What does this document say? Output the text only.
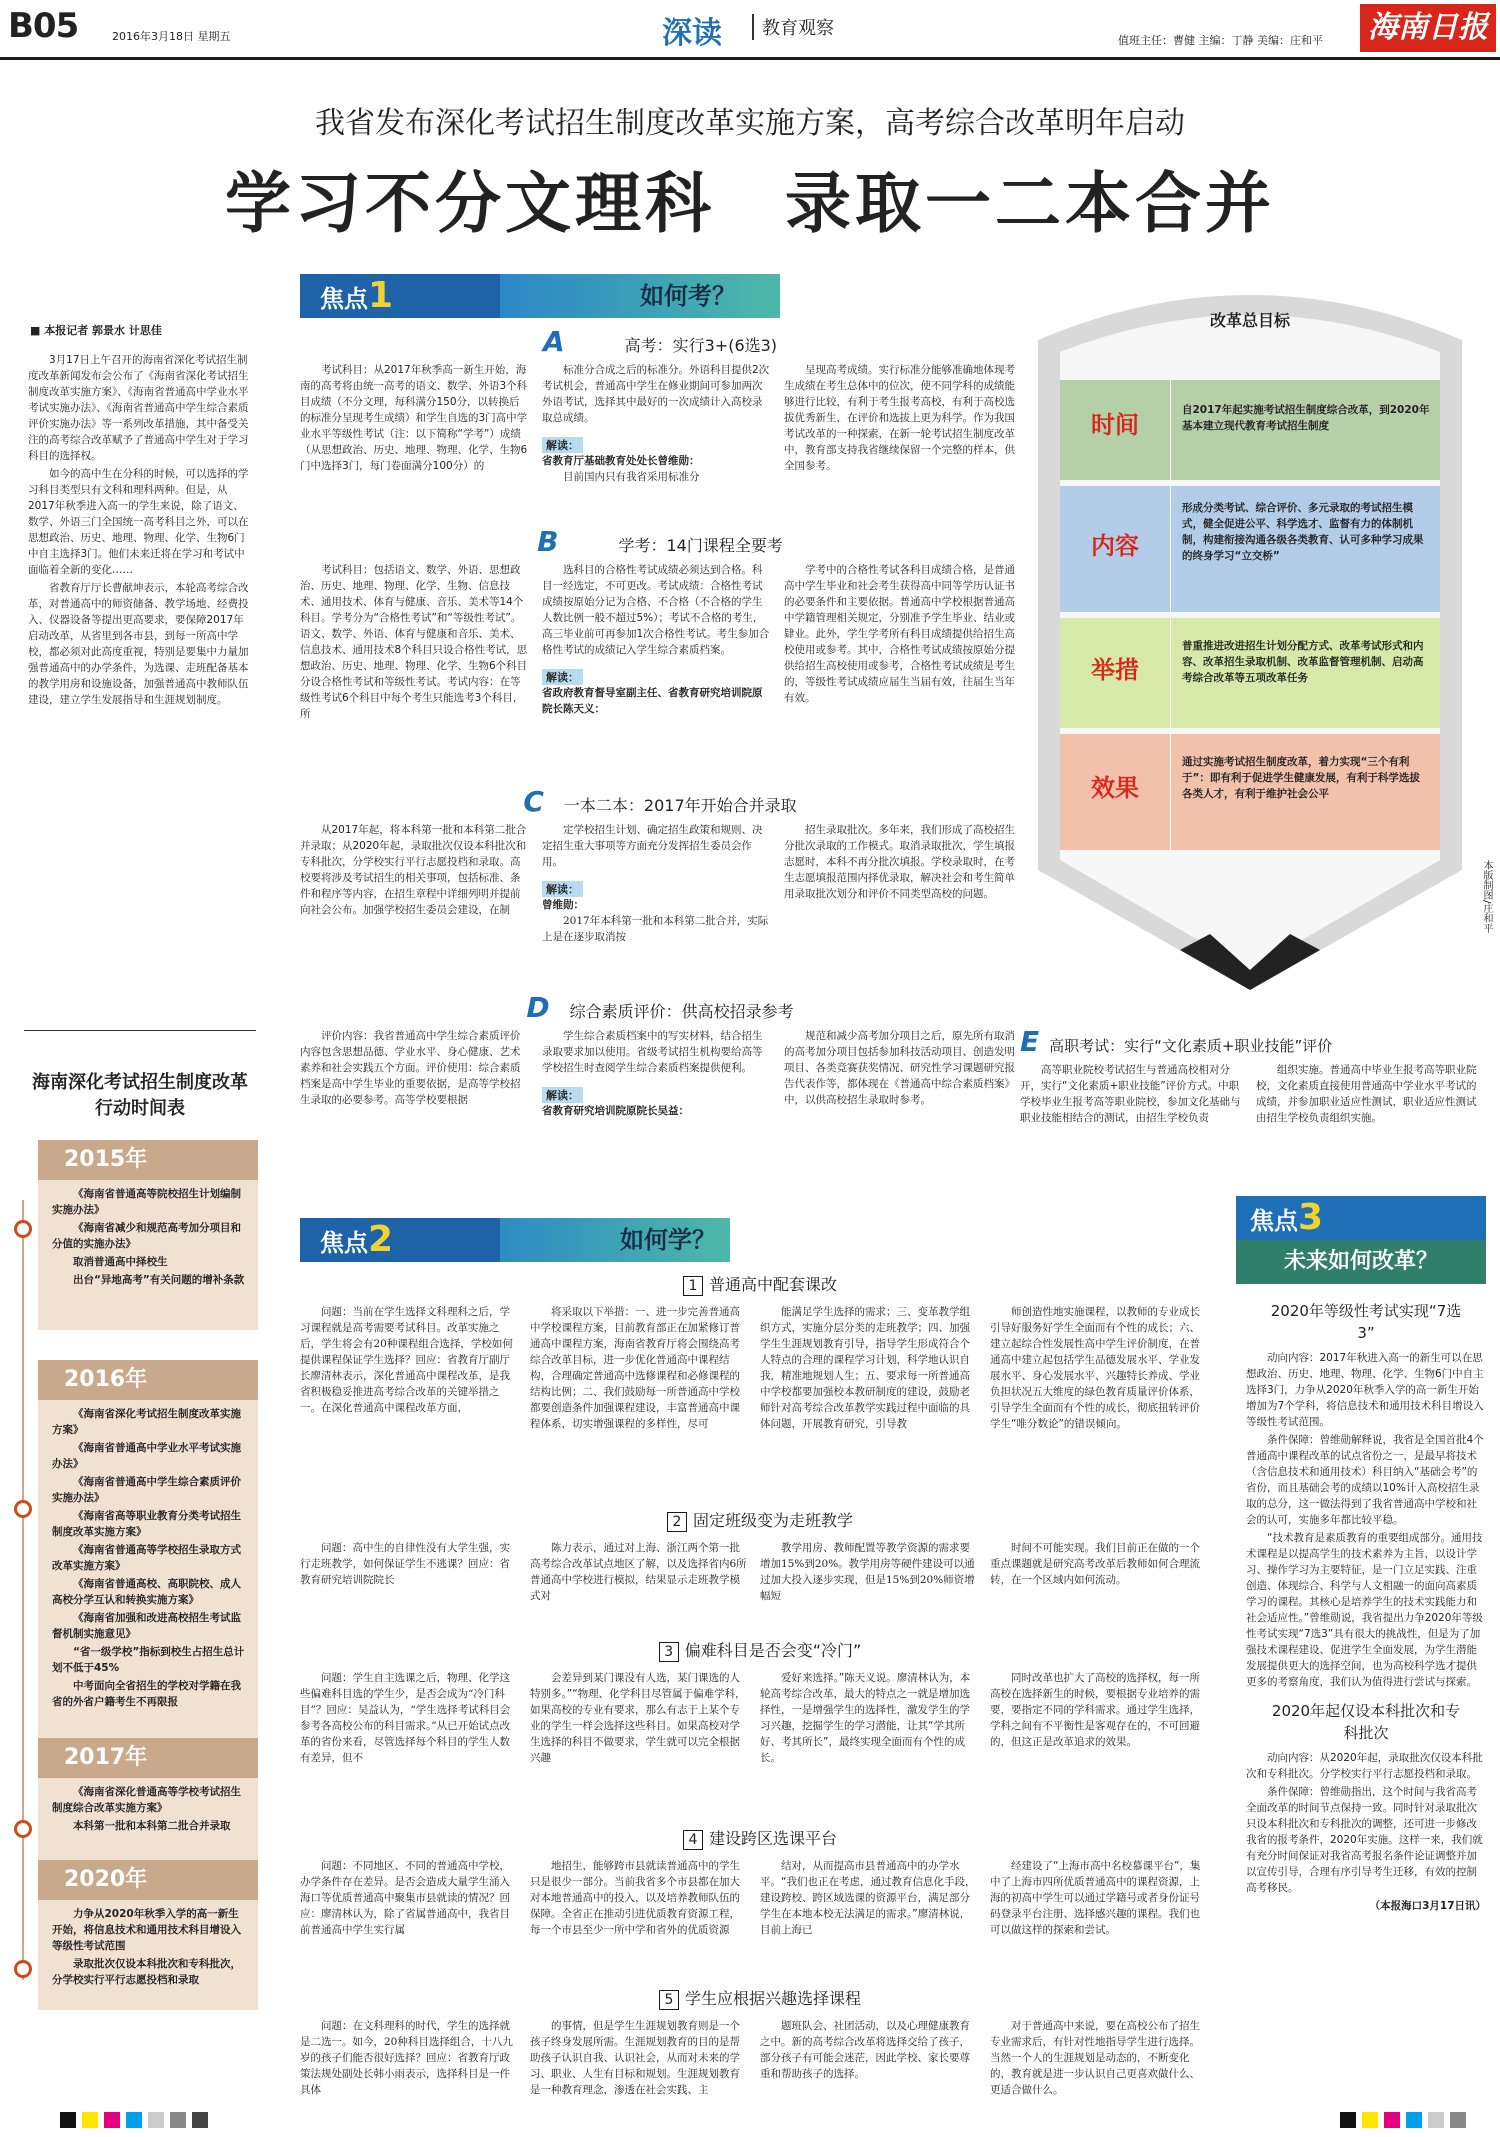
B05	2016年3月18日 星期五	深读	教育观察
值班主任：曹健 主编：丁静 美编：庄和平 海南日报
我省发布深化考试招生制度改革实施方案，高考综合改革明年启动
学习不分文理科　录取一二本合并
■ 本报记者 郭景水 计思佳

3月17日上午召开的海南省深化考试招生制度改革新闻发布会公布了《海南省深化考试招生制度改革实施方案》、《海南省普通高中学业水平考试实施办法》、《海南省普通高中学生综合素质评价实施办法》等一系列改革措施，其中备受关注的高考综合改革赋予了普通高中学生对于学习科目的选择权。

如今的高中生在分科的时候，可以选择的学习科目类型只有文科和理科两种。但是，从2017年秋季进入高一的学生来说，除了语文、数学、外语三门全国统一高考科目之外，可以在思想政治、历史、地理、物理、化学、生物6门中自主选择3门。他们未来迁将在学习和考试中面临着全新的变化……

省教育厅厅长曹献坤表示，本轮高考综合改革，对普通高中的师资储备、教学场地、经费投入、仪器设备等提出更高要求，要保障2017年启动改革，从省里到各市县，到每一所高中学校，都必须对此高度重视，特别是要集中力量加强普通高中的办学条件，为选课、走班配备基本的教学用房和设施设备，加强普通高中教师队伍建设，建立学生发展指导和生涯规划制度。

海南深化考试招生制度改革行动时间表
2015年

《海南省普通高等院校招生计划编制实施办法》

《海南省减少和规范高考加分项目和分值的实施办法》

取消普通高中择校生

出台“异地高考”有关问题的增补条款

2016年

《海南省深化考试招生制度改革实施方案》

《海南省普通高中学业水平考试实施办法》

《海南省普通高中学生综合素质评价实施办法》

《海南省高等职业教育分类考试招生制度改革实施方案》

《海南省普通高等学校招生录取方式改革实施方案》

《海南省普通高校、高职院校、成人高校分学互认和转换实施方案》

《海南省加强和改进高校招生考试监督机制实施意见》

“省一级学校”指标到校生占招生总计划不低于45%

中考面向全省招生的学校对学籍在我省的外省户籍考生不再限报

2017年

《海南省深化普通高等学校考试招生制度综合改革实施方案》

本科第一批和本科第二批合并录取

2020年

力争从2020年秋季入学的高一新生开始，将信息技术和通用技术科目增设入等级性考试范围

录取批次仅设本科批次和专科批次，分学校实行平行志愿投档和录取

焦点1	如何考？
A	高考：实行3+(6选3)

考试科目：从2017年秋季高一新生开始，海南的高考将由统一高考的语文、数学、外语3个科目成绩（不分文理，每科满分150分，以转换后的标准分呈现考生成绩）和学生自选的3门高中学业水平等级性考试（注：以下简称“学考”）成绩（从思想政治、历史、地理、物理、化学、生物6门中选择3门，每门卷面满分100分）的

标准分合成之后的标准分。外语科目提供2次考试机会，普通高中学生在修业期间可参加两次外语考试，选择其中最好的一次成绩计入高校录取总成绩。

解读：
省教育厅基础教育处处长曾维勋：

目前国内只有我省采用标准分

呈现高考成绩。实行标准分能够准确地体现考生成绩在考生总体中的位次，使不同学科的成绩能够进行比较，有利于考生报考高校，有利于高校选拔优秀新生，在评价和选拔上更为科学。作为我国考试改革的一种探索，在新一轮考试招生制度改革中，教育部支持我省继续保留一个完整的样本，供全国参考。

B	学考：14门课程全要考

考试科目：包括语文、数学、外语、思想政治、历史、地理、物理、化学、生物、信息技术、通用技术、体育与健康、音乐、美术等14个科目。学考分为“合格性考试”和“等级性考试”。语文、数学、外语、体育与健康和音乐、美术、信息技术、通用技术8个科目只设合格性考试，思想政治、历史、地理、物理、化学、生物6个科目分设合格性考试和等级性考试。考试内容：在等级性考试6个科目中每个考生只能选考3个科目，所

选科目的合格性考试成绩必须达到合格。科目一经选定，不可更改。考试成绩：合格性考试成绩按原始分记为合格、不合格（不合格的学生人数比例一般不超过5%）；考试不合格的考生，高三毕业前可再参加1次合格性考试。考生参加合格性考试的成绩记入学生综合素质档案。

解读：
省政府教育督导室副主任、省教育研究培训院原院长陈天义：

学考中的合格性考试各科目成绩合格，是普通高中学生毕业和社会考生获得高中同等学历认证书的必要条件和主要依据。普通高中学校根据普通高中学籍管理相关规定，分别准予学生毕业、结业或肄业。此外，学生学考所有科目成绩提供给招生高校使用或参考。其中，合格性考试成绩按原始分提供给招生高校使用或参考，合格性考试成绩是考生的，等级性考试成绩应届生当届有效，往届生当年有效。

C 一本二本：2017年开始合并录取

从2017年起，将本科第一批和本科第二批合并录取；从2020年起，录取批次仅设本科批次和专科批次，分学校实行平行志愿投档和录取。高校要将涉及考试招生的相关事项，包括标准、条件和程序等内容，在招生章程中详细列明并提前向社会公布。加强学校招生委员会建设，在制

定学校招生计划、确定招生政策和规则、决定招生重大事项等方面充分发挥招生委员会作用。

解读：
曾维勋：

2017年本科第一批和本科第二批合并，实际上是在逐步取消按

招生录取批次。多年来，我们形成了高校招生分批次录取的工作模式。取消录取批次，学生填报志愿时，本科不再分批次填报。学校录取时，在考生志愿填报范围内择优录取，解决社会和考生简单用录取批次划分和评价不同类型高校的问题。

D 综合素质评价：供高校招录参考

评价内容：我省普通高中学生综合素质评价内容包含思想品德、学业水平、身心健康、艺术素养和社会实践五个方面。评价使用：综合素质档案是高中学生毕业的重要依据，是高等学校招生录取的必要参考。高等学校要根据

学生综合素质档案中的写实材料，结合招生录取要求加以使用。省级考试招生机构要给高等学校招生时查阅学生综合素质档案提供便利。

解读：
省教育研究培训院原院长吴益：

规范和减少高考加分项目之后，原先所有取消的高考加分项目包括参加科技活动项目、创造发明项目、各类竞赛获奖情况、研究性学习课题研究报告代表作等，都体现在《普通高中综合素质档案》中，以供高校招生录取时参考。

E高职考试：实行“文化素质+职业技能”评价

高等职业院校考试招生与普通高校相对分开，实行“文化素质+职业技能”评价方式。中职学校毕业生报考高等职业院校，参加文化基础与职业技能相结合的测试，由招生学校负责

组织实施。普通高中毕业生报考高等职业院校，文化素质直接使用普通高中学业水平考试的成绩，并参加职业适应性测试，职业适应性测试由招生学校负责组织实施。

改革总目标
时间
自2017年起实施考试招生制度综合改革，到2020年基本建立现代教育考试招生制度
内容
形成分类考试、综合评价、多元录取的考试招生模式，健全促进公平、科学选才、监督有力的体制机制，构建衔接沟通各级各类教育、认可多种学习成果的终身学习“立交桥”
举措
普重推进改进招生计划分配方式、改革考试形式和内容、改革招生录取机制、改革监督管理机制、启动高考综合改革等五项改革任务
效果
通过实施考试招生制度改革，着力实现“三个有利于”：即有利于促进学生健康发展，有利于科学选拔各类人才，有利于维护社会公平
本版制图/庄和平
焦点2	如何学？
1 普通高中配套课改

问题：当前在学生选择文科理科之后，学习课程就是高考需要考试科目。改革实施之后，学生将会有20种课程组合选择，学校如何提供课程保证学生选择？回应：省教育厅副厅长廖清林表示，深化普通高中课程改革，是我省积极稳妥推进高考综合改革的关键举措之一。在深化普通高中课程改革方面，

将采取以下举措：一、进一步完善普通高中学校课程方案，目前教育部正在加紧修订普通高中课程方案，海南省教育厅将会围绕高考综合改革目标，进一步优化普通高中课程结构，合理确定普通高中选修课程和必修课程的结构比例；二、我们鼓励每一所普通高中学校都要创造条件加强课程建设，丰富普通高中课程体系，切实增强课程的多样性，尽可

能满足学生选择的需求；三、变革教学组织方式，实施分层分类的走班教学；四、加强学生生涯规划教育引导，指导学生形成符合个人特点的合理的课程学习计划，科学地认识自我，精准地规划人生；五、要求每一所普通高中学校都要加强校本教研制度的建设，鼓励老师针对高考综合改革教学实践过程中面临的具体问题，开展教育研究，引导教

师创造性地实施课程，以教师的专业成长引导好服务好学生全面而有个性的成长；六、建立起综合性发展性高中学生评价制度，在普通高中建立起包括学生品德发展水平、学业发展水平、身心发展水平、兴趣特长养成、学业负担状况五大维度的绿色教育质量评价体系，引导学生全面而有个性的成长，彻底扭转评价学生“唯分数论”的错误倾向。

2 固定班级变为走班教学

问题：高中生的自律性没有大学生强，实行走班教学，如何保证学生不逃课？回应：省教育研究培训院院长

陈力表示，通过对上海、浙江两个第一批高考综合改革试点地区了解，以及选择省内6所普通高中学校进行模拟，结果显示走班教学模式对

教学用房、教师配置等教学资源的需求要增加15%到20%。教学用房等硬件建设可以通过加大投入逐步实现，但是15%到20%师资增幅短

时间不可能实现。我们目前正在做的一个重点课题就是研究高考改革后教师如何合理流转，在一个区域内如何流动。

3 偏难科目是否会变“冷门”

问题：学生自主选课之后，物理、化学这些偏难科目选的学生少，是否会成为“冷门科目”？回应：吴益认为，“学生选择考试科目会参考各高校公布的科目需求。”从已开始试点改革的省份来看，尽管选择每个科目的学生人数有差异，但不

会差异到某门课没有人选，某门课选的人特别多。”“物理、化学科目尽管属于偏难学科，如果高校的专业有要求，那么有志于上某个专业的学生一样会选择这些科目。如果高校对学生选择的科目不做要求，学生就可以完全根据兴趣

爱好来选择。”陈天义说。廖清林认为，本轮高考综合改革，最大的特点之一就是增加选择性，一是增强学生的选择性，激发学生的学习兴趣，挖掘学生的学习潜能，让其“学其所好、考其所长”，最终实现全面而有个性的成长。

同时改革也扩大了高校的选择权，每一所高校在选择新生的时候，要根据专业培养的需要，要指定不同的学科需求。通过学生选择，学科之间有不平衡性是客观存在的，不可回避的，但这正是改革追求的效果。

4 建设跨区选课平台

问题：不同地区、不同的普通高中学校，办学条件存在差异。是否会造成大量学生涌入海口等优质普通高中聚集市县就读的情况？回应：廖清林认为，除了省属普通高中，我省目前普通高中学生实行属

地招生，能够跨市县就读普通高中的学生只是很少一部分。当前我省多个市县都在加大对本地普通高中的投入，以及培养教师队伍的保障。全省正在推动引进优质教育资源工程，每一个市县至少一所中学和省外的优质资源

结对，从而提高市县普通高中的办学水平。“我们也正在考虑，通过教育信息化手段，建设跨校、跨区域选课的资源平台，满足部分学生在本地本校无法满足的需求。”廖清林说，目前上海已

经建设了“上海市高中名校慕课平台”，集中了上海市四所优质普通高中的课程资源，上海的初高中学生可以通过学籍号或者身份证号码登录平台注册、选择感兴趣的课程。我们也可以做这样的探索和尝试。

5 学生应根据兴趣选择课程

问题：在文科理科的时代，学生的选择就是二选一。如今，20种科目选择组合，十八九岁的孩子们能否很好选择？回应：省教育厅政策法规处副处长韩小雨表示，选择科目是一件具体

的事情，但是学生生涯规划教育则是一个孩子终身发展所需。生涯规划教育的目的是帮助孩子认识自我、认识社会，从而对未来的学习、职业、人生有目标和规划。生涯规划教育是一种教育理念，渗透在社会实践、主

题班队会、社团活动，以及心理健康教育之中。新的高考综合改革将选择交给了孩子，部分孩子有可能会迷茫，因此学校、家长要尊重和帮助孩子的选择。

对于普通高中来说，要在高校公布了招生专业需求后，有针对性地指导学生进行选择。当然一个人的生涯规划是动态的，不断变化的，教育就是进一步认识自己更喜欢做什么、更适合做什么。

焦点3
未来如何改革？
2020年等级性考试实现“7选3”

动向内容：2017年秋进入高一的新生可以在思想政治、历史、地理、物理、化学、生物6门中自主选择3门，力争从2020年秋季入学的高一新生开始增加为7个学科，将信息技术和通用技术科目增设入等级性考试范围。

条件保障：曾维勋解释说，我省是全国首批4个普通高中课程改革的试点省份之一，是最早将技术（含信息技术和通用技术）科目纳入“基础会考”的省份，而且基础会考的成绩以10%计入高校招生录取的总分，这一做法得到了我省普通高中学校和社会的认可，实施多年都比较平稳。

“技术教育是素质教育的重要组成部分。通用技术课程是以提高学生的技术素养为主旨，以设计学习、操作学习为主要特征，是一门立足实践、注重创造、体现综合、科学与人文相融一的面向高素质学习的课程。其核心是培养学生的技术实践能力和社会适应性。”曾维勋说，我省提出力争2020年等级性考试实现“7选3”具有很大的挑战性，但是为了加强技术课程建设、促进学生全面发展，为学生潜能发展提供更大的选择空间，也为高校科学选才提供更多的考察角度，我们认为值得进行尝试与探索。

2020年起仅设本科批次和专科批次

动向内容：从2020年起，录取批次仅设本科批次和专科批次。分学校实行平行志愿投档和录取。

条件保障：曾维勋指出，这个时间与我省高考全面改革的时间节点保持一致。同时针对录取批次只设本科批次和专科批次的调整，还可进一步修改我省的报考条件，2020年实施。这样一来，我们就有充分时间保证对我省高考报名条件论证调整并加以宣传引导，合理有序引导考生迁移，有效的控制高考移民。

（本报海口3月17日讯）
